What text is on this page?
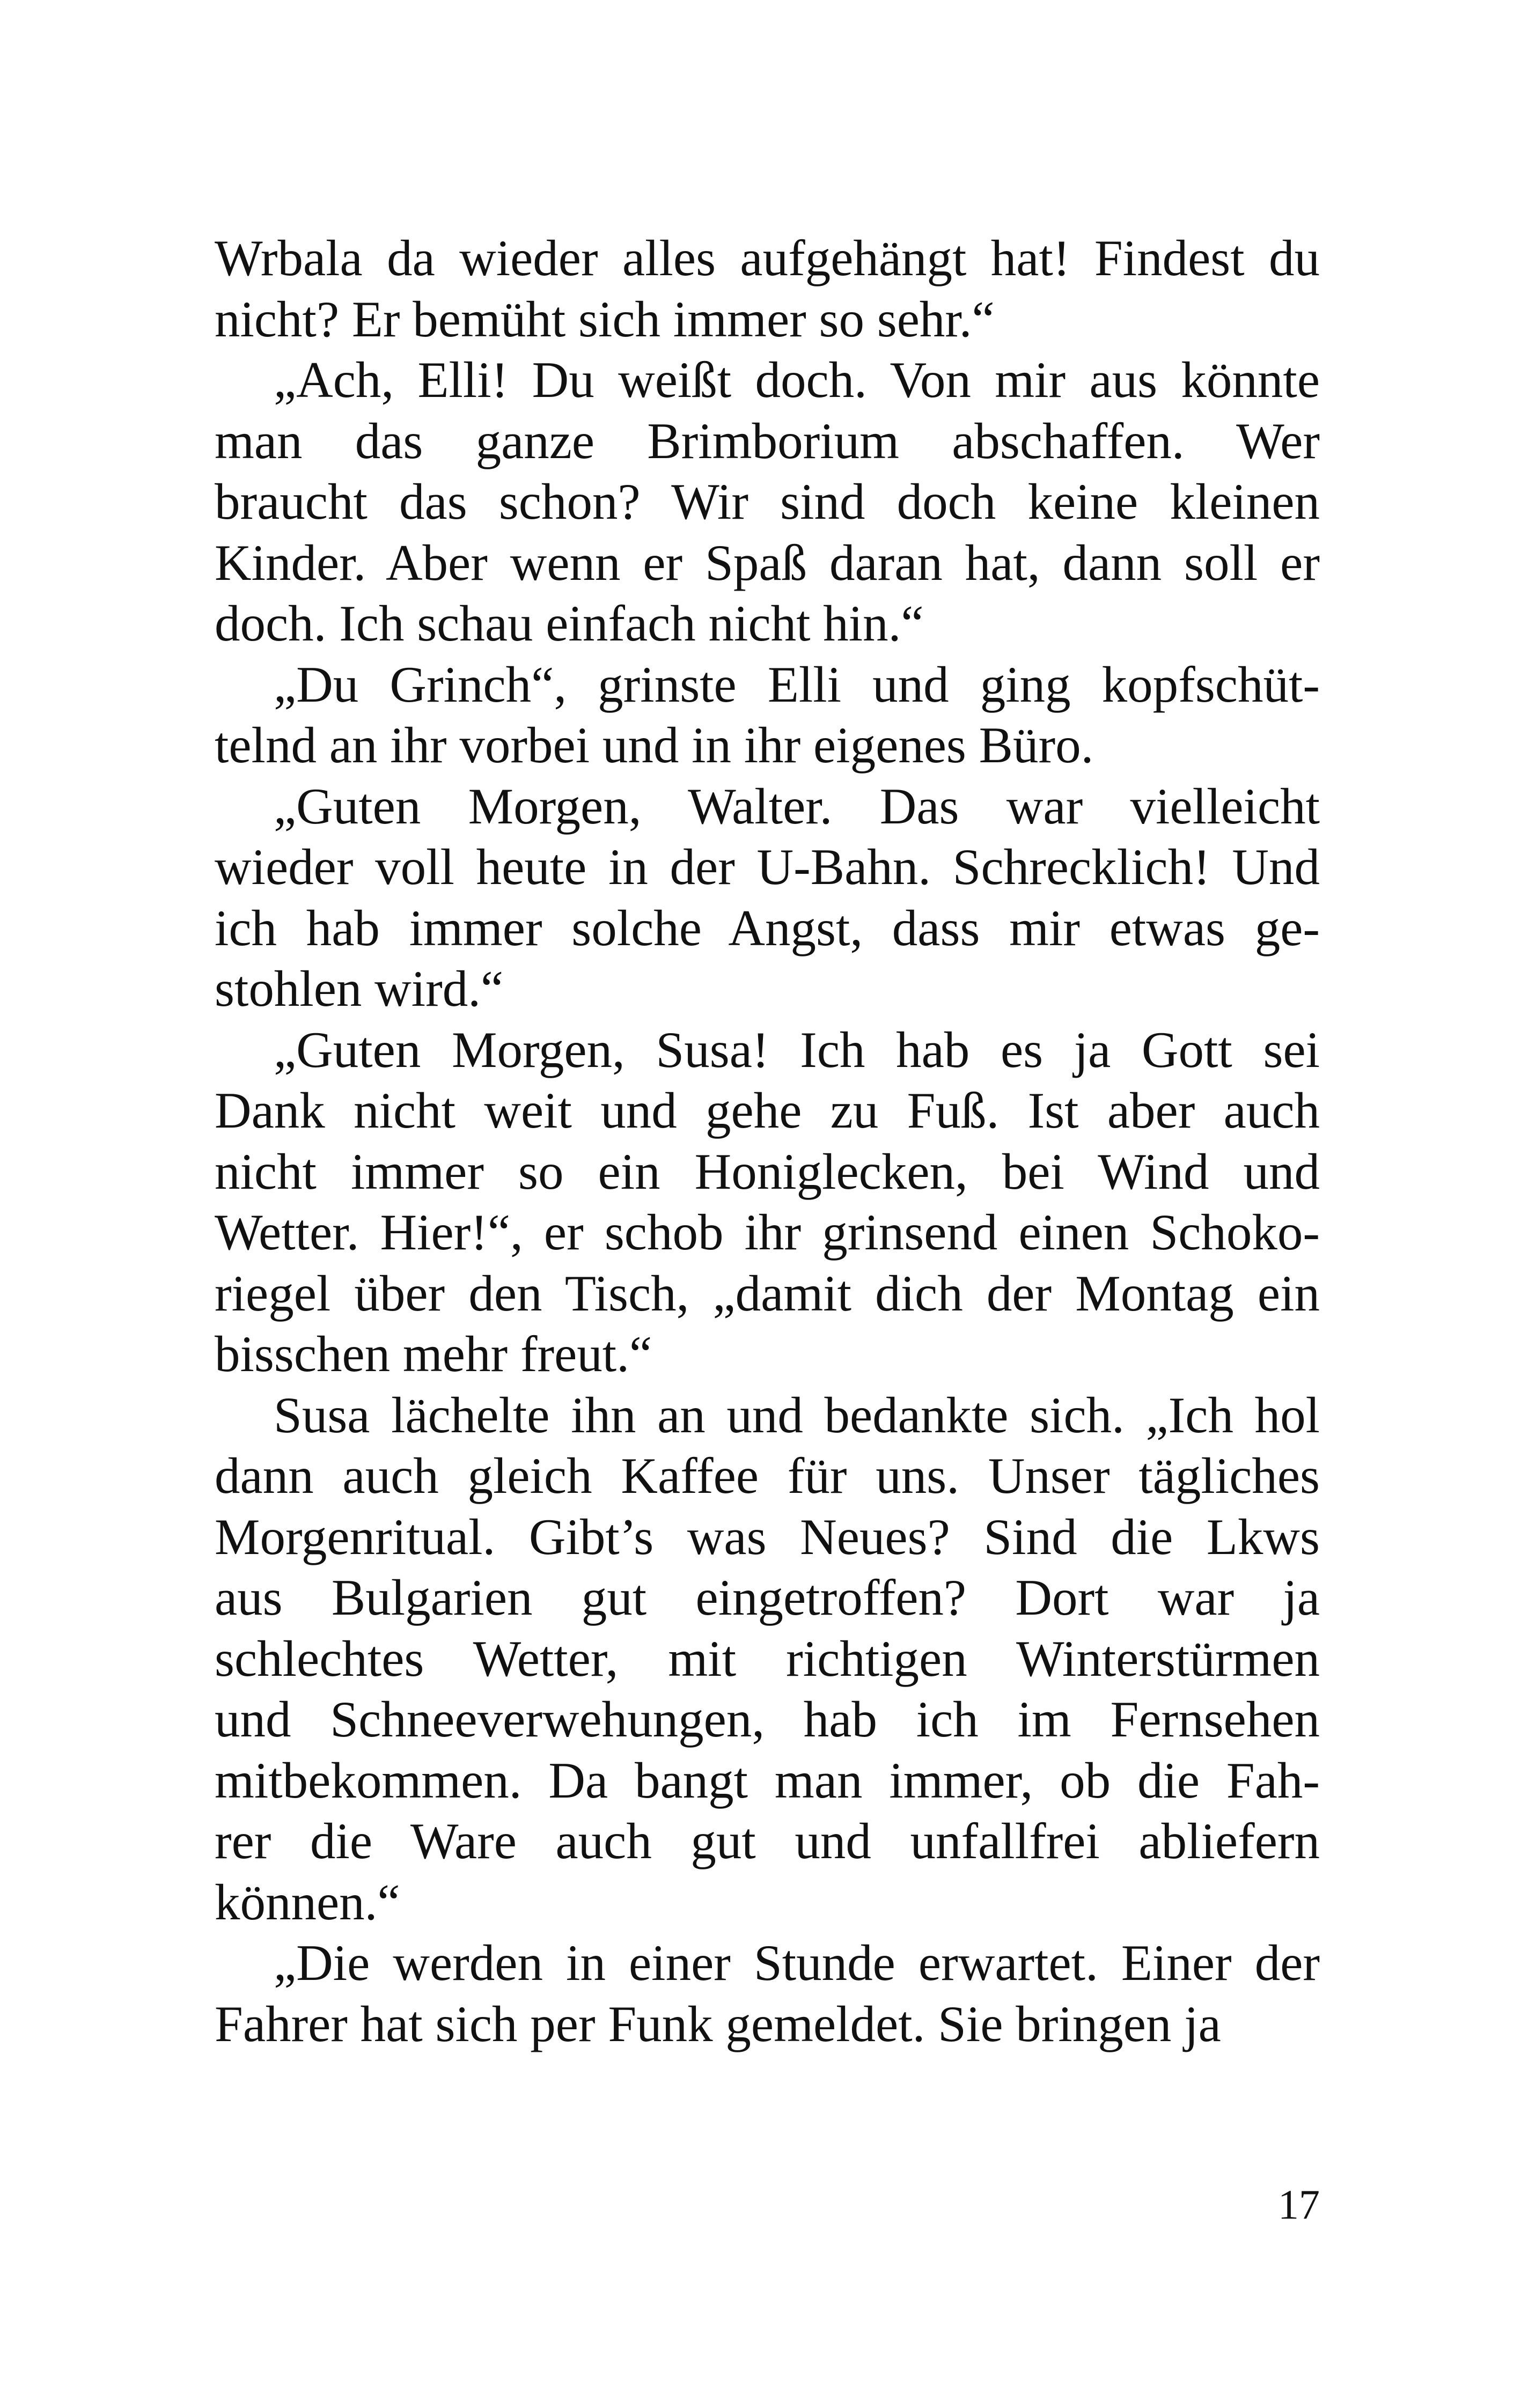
Wrbala da wieder alles aufgehängt hat! Findest du
nicht? Er bemüht sich immer so sehr.“
„Ach, Elli! Du weißt doch. Von mir aus könnte
man das ganze Brimborium abschaffen. Wer
braucht das schon? Wir sind doch keine kleinen
Kinder. Aber wenn er Spaß daran hat, dann soll er
doch. Ich schau einfach nicht hin.“
„Du Grinch“, grinste Elli und ging kopfschüt-
telnd an ihr vorbei und in ihr eigenes Büro.
„Guten Morgen, Walter. Das war vielleicht
wieder voll heute in der U-Bahn. Schrecklich! Und
ich hab immer solche Angst, dass mir etwas ge-
stohlen wird.“
„Guten Morgen, Susa! Ich hab es ja Gott sei
Dank nicht weit und gehe zu Fuß. Ist aber auch
nicht immer so ein Honiglecken, bei Wind und
Wetter. Hier!“, er schob ihr grinsend einen Schoko-
riegel über den Tisch, „damit dich der Montag ein
bisschen mehr freut.“
Susa lächelte ihn an und bedankte sich. „Ich hol
dann auch gleich Kaffee für uns. Unser tägliches
Morgenritual. Gibt’s was Neues? Sind die Lkws
aus Bulgarien gut eingetroffen? Dort war ja
schlechtes Wetter, mit richtigen Winterstürmen
und Schneeverwehungen, hab ich im Fernsehen
mitbekommen. Da bangt man immer, ob die Fah-
rer die Ware auch gut und unfallfrei abliefern
können.“
„Die werden in einer Stunde erwartet. Einer der
Fahrer hat sich per Funk gemeldet. Sie bringen ja
17
